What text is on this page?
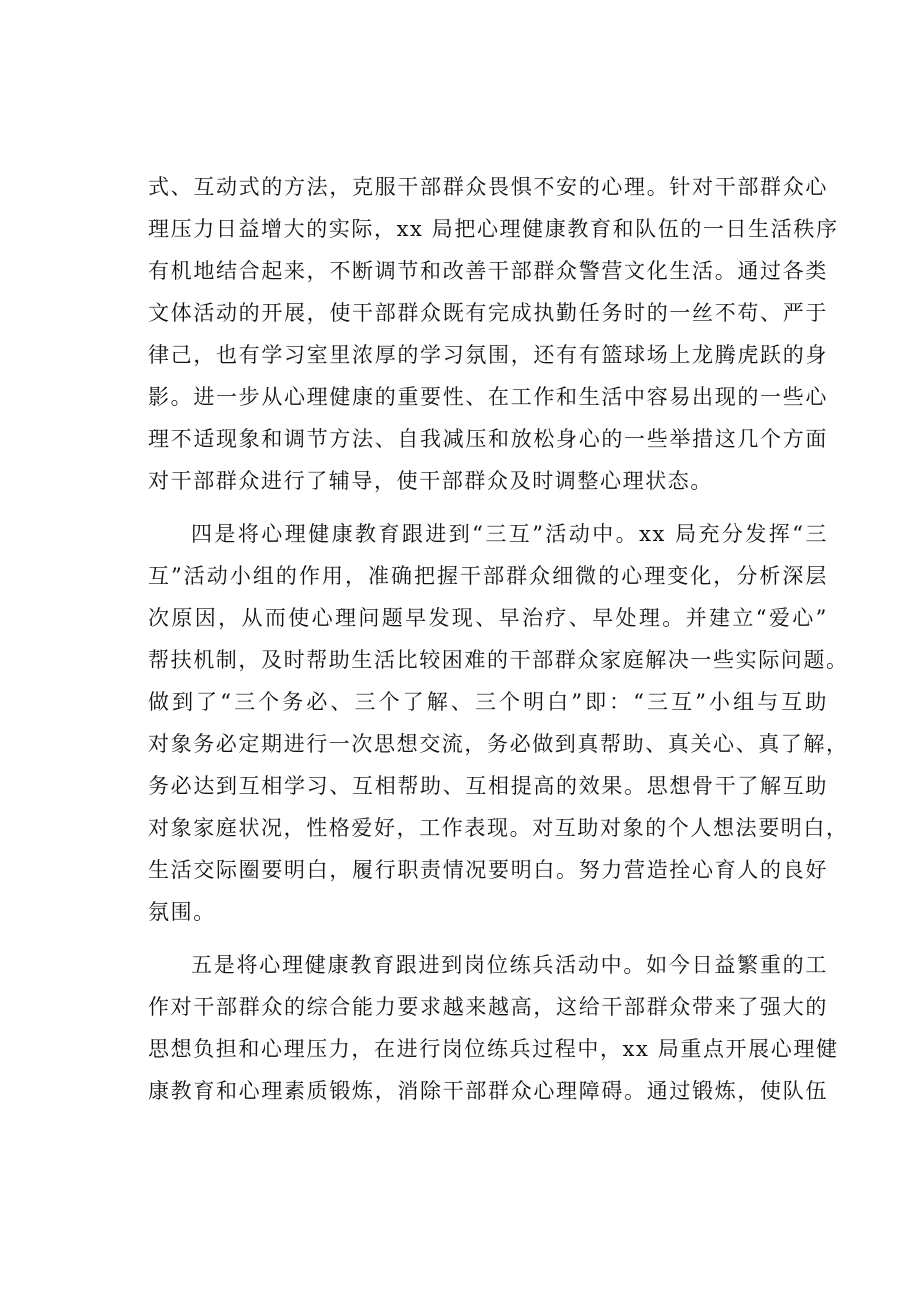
式、互动式的方法，克服干部群众畏惧不安的心理。针对干部群众心
理压力日益增大的实际，xx 局把心理健康教育和队伍的一日生活秩序
有机地结合起来，不断调节和改善干部群众警营文化生活。通过各类
文体活动的开展，使干部群众既有完成执勤任务时的一丝不苟、严于
律己，也有学习室里浓厚的学习氛围，还有有篮球场上龙腾虎跃的身
影。进一步从心理健康的重要性、在工作和生活中容易出现的一些心
理不适现象和调节方法、自我减压和放松身心的一些举措这几个方面
对干部群众进行了辅导，使干部群众及时调整心理状态。
四是将心理健康教育跟进到“三互”活动中。xx 局充分发挥“三
互”活动小组的作用，准确把握干部群众细微的心理变化，分析深层
次原因，从而使心理问题早发现、早治疗、早处理。并建立“爱心”
帮扶机制，及时帮助生活比较困难的干部群众家庭解决一些实际问题。
做到了“三个务必、三个了解、三个明白”即：“三互”小组与互助
对象务必定期进行一次思想交流，务必做到真帮助、真关心、真了解，
务必达到互相学习、互相帮助、互相提高的效果。思想骨干了解互助
对象家庭状况，性格爱好，工作表现。对互助对象的个人想法要明白，
生活交际圈要明白，履行职责情况要明白。努力营造拴心育人的良好
氛围。
五是将心理健康教育跟进到岗位练兵活动中。如今日益繁重的工
作对干部群众的综合能力要求越来越高，这给干部群众带来了强大的
思想负担和心理压力，在进行岗位练兵过程中，xx 局重点开展心理健
康教育和心理素质锻炼，消除干部群众心理障碍。通过锻炼，使队伍
